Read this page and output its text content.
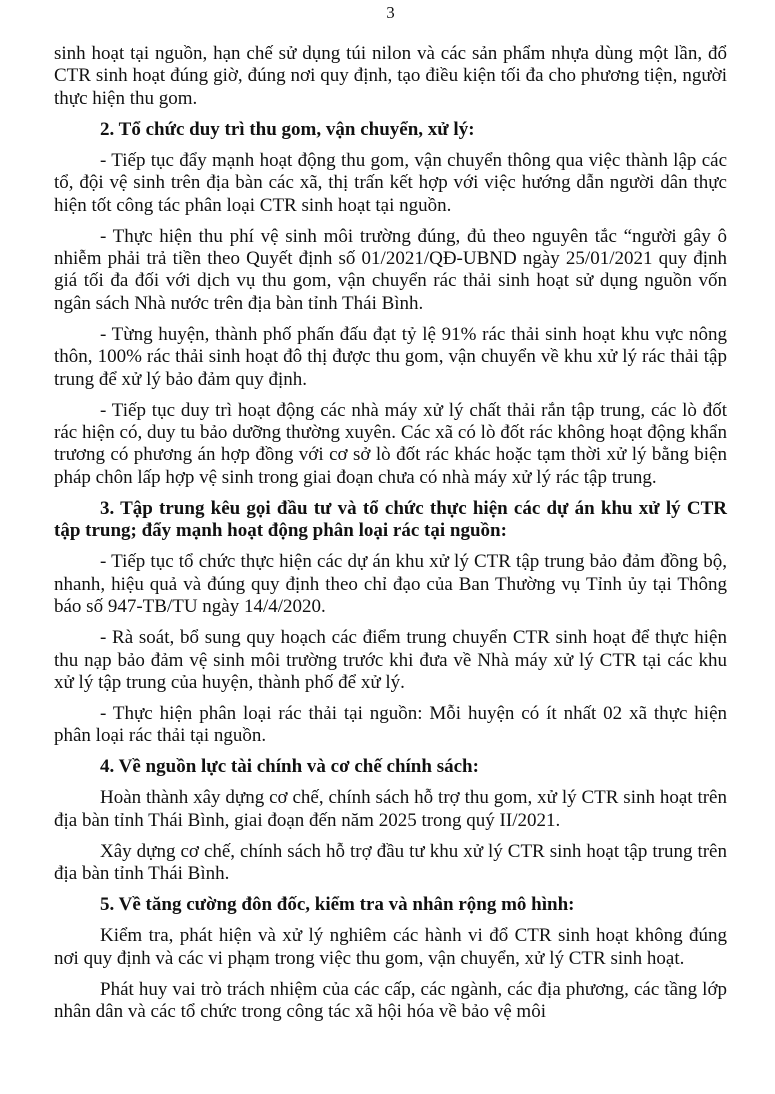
3

sinh hoạt tại nguồn, hạn chế sử dụng túi nilon và các sản phẩm nhựa dùng một lần, đổ CTR sinh hoạt đúng giờ, đúng nơi quy định, tạo điều kiện tối đa cho phương tiện, người thực hiện thu gom.

2. Tổ chức duy trì thu gom, vận chuyển, xử lý:

- Tiếp tục đẩy mạnh hoạt động thu gom, vận chuyển thông qua việc thành lập các tổ, đội vệ sinh trên địa bàn các xã, thị trấn kết hợp với việc hướng dẫn người dân thực hiện tốt công tác phân loại CTR sinh hoạt tại nguồn.

- Thực hiện thu phí vệ sinh môi trường đúng, đủ theo nguyên tắc “người gây ô nhiễm phải trả tiền theo Quyết định số 01/2021/QĐ-UBND ngày 25/01/2021 quy định giá tối đa đối với dịch vụ thu gom, vận chuyển rác thải sinh hoạt sử dụng nguồn vốn ngân sách Nhà nước trên địa bàn tỉnh Thái Bình.

- Từng huyện, thành phố phấn đấu đạt tỷ lệ 91% rác thải sinh hoạt khu vực nông thôn, 100% rác thải sinh hoạt đô thị được thu gom, vận chuyển về khu xử lý rác thải tập trung để xử lý bảo đảm quy định.

- Tiếp tục duy trì hoạt động các nhà máy xử lý chất thải rắn tập trung, các lò đốt rác hiện có, duy tu bảo dưỡng thường xuyên. Các xã có lò đốt rác không hoạt động khẩn trương có phương án hợp đồng với cơ sở lò đốt rác khác hoặc tạm thời xử lý bằng biện pháp chôn lấp hợp vệ sinh trong giai đoạn chưa có nhà máy xử lý rác tập trung.

3. Tập trung kêu gọi đầu tư và tổ chức thực hiện các dự án khu xử lý CTR tập trung; đẩy mạnh hoạt động phân loại rác tại nguồn:

- Tiếp tục tổ chức thực hiện các dự án khu xử lý CTR tập trung bảo đảm đồng bộ, nhanh, hiệu quả và đúng quy định theo chỉ đạo của Ban Thường vụ Tỉnh ủy tại Thông báo số 947-TB/TU ngày 14/4/2020.

- Rà soát, bổ sung quy hoạch các điểm trung chuyển CTR sinh hoạt để thực hiện thu nạp bảo đảm vệ sinh môi trường trước khi đưa về Nhà máy xử lý CTR tại các khu xử lý tập trung của huyện, thành phố để xử lý.

- Thực hiện phân loại rác thải tại nguồn: Mỗi huyện có ít nhất 02 xã thực hiện phân loại rác thải tại nguồn.

4. Về nguồn lực tài chính và cơ chế chính sách:

Hoàn thành xây dựng cơ chế, chính sách hỗ trợ thu gom, xử lý CTR sinh hoạt trên địa bàn tỉnh Thái Bình, giai đoạn đến năm 2025 trong quý II/2021.

Xây dựng cơ chế, chính sách hỗ trợ đầu tư khu xử lý CTR sinh hoạt tập trung trên địa bàn tỉnh Thái Bình.

5. Về tăng cường đôn đốc, kiểm tra và nhân rộng mô hình:

Kiểm tra, phát hiện và xử lý nghiêm các hành vi đổ CTR sinh hoạt không đúng nơi quy định và các vi phạm trong việc thu gom, vận chuyển, xử lý CTR sinh hoạt.

Phát huy vai trò trách nhiệm của các cấp, các ngành, các địa phương, các tầng lớp nhân dân và các tổ chức trong công tác xã hội hóa về bảo vệ môi
